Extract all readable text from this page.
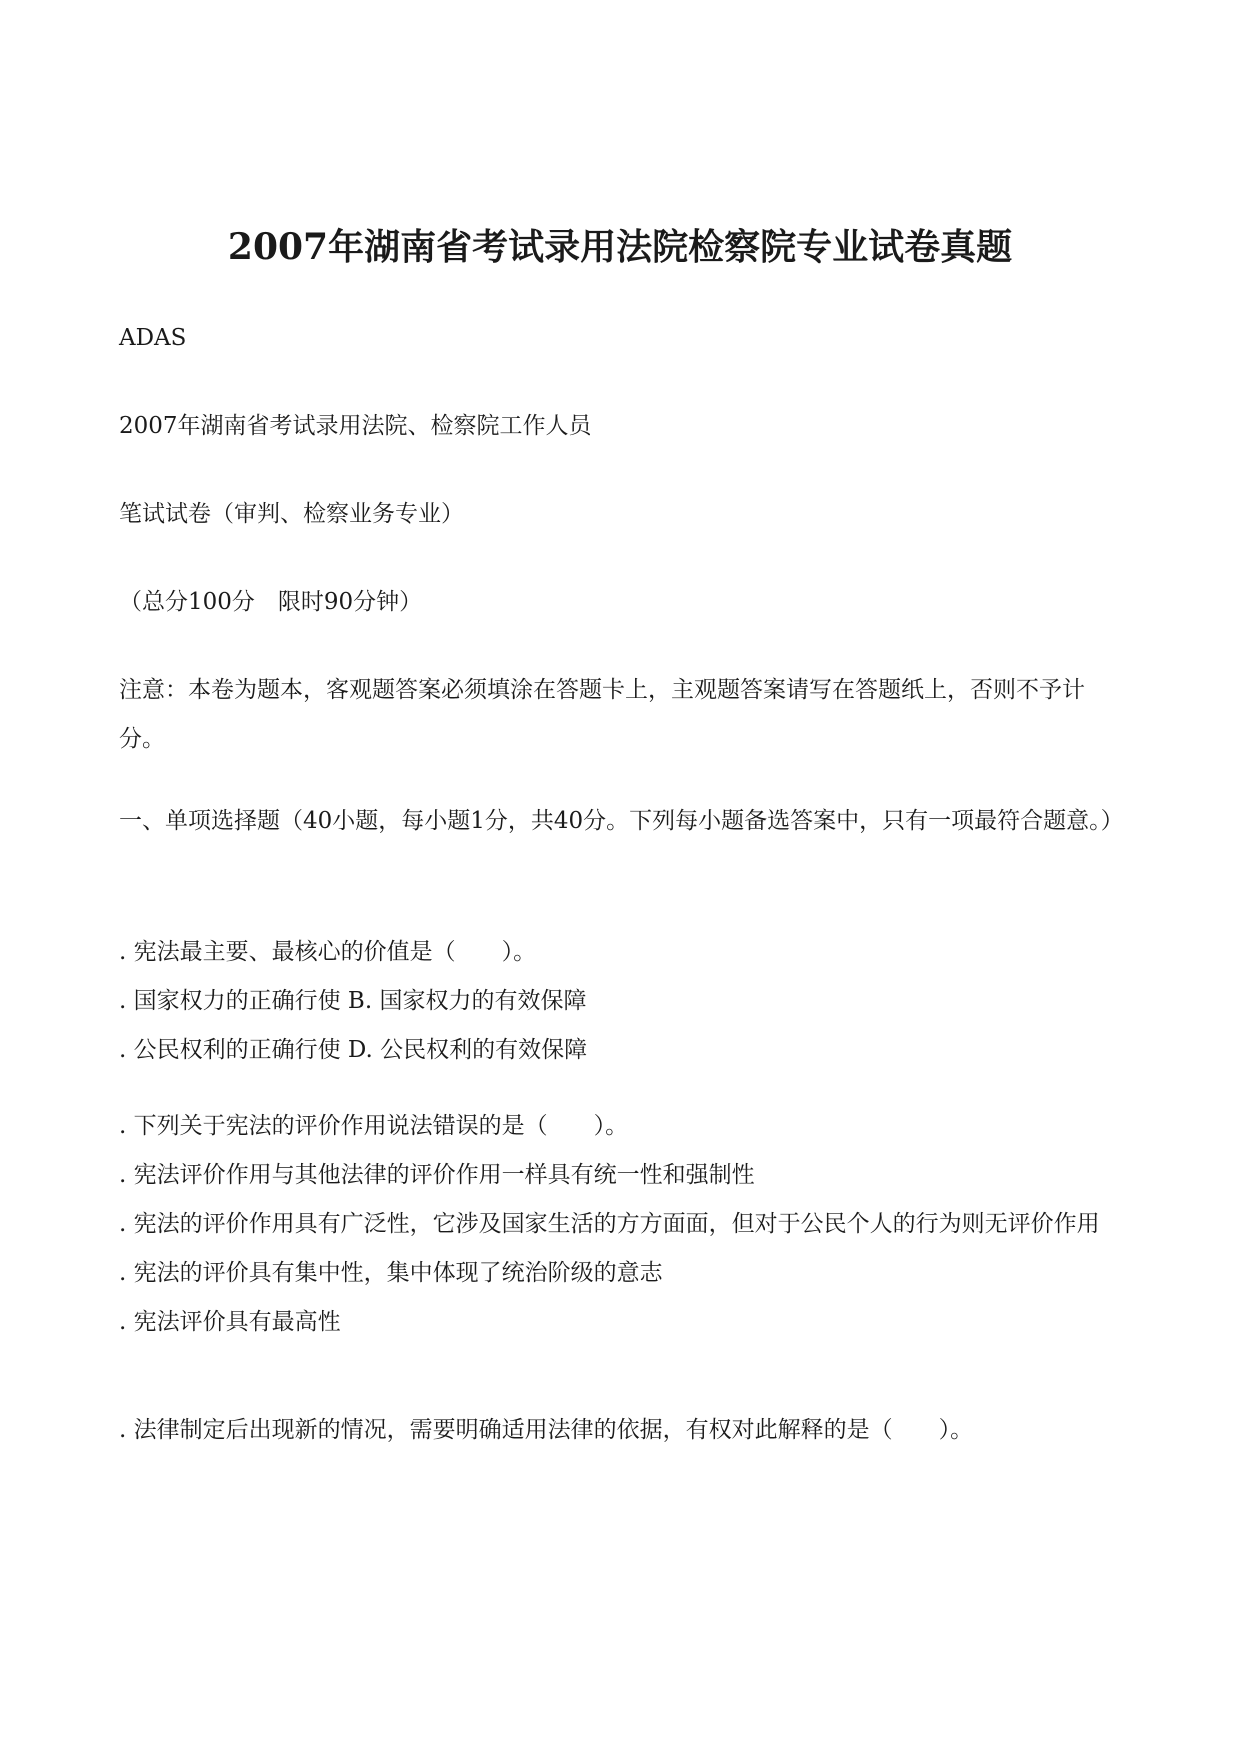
2007年湖南省考试录用法院检察院专业试卷真题
ADAS
2007年湖南省考试录用法院、检察院工作人员
笔试试卷（审判、检察业务专业）
（总分100分　限时90分钟）
注意：本卷为题本，客观题答案必须填涂在答题卡上，主观题答案请写在答题纸上，否则不予计分。
一、单项选择题（40小题，每小题1分，共40分。下列每小题备选答案中，只有一项最符合题意。）
. 宪法最主要、最核心的价值是（　　）。
. 国家权力的正确行使 B. 国家权力的有效保障
. 公民权利的正确行使 D. 公民权利的有效保障
. 下列关于宪法的评价作用说法错误的是（　　）。
. 宪法评价作用与其他法律的评价作用一样具有统一性和强制性
. 宪法的评价作用具有广泛性，它涉及国家生活的方方面面，但对于公民个人的行为则无评价作用
. 宪法的评价具有集中性，集中体现了统治阶级的意志
. 宪法评价具有最高性
. 法律制定后出现新的情况，需要明确适用法律的依据，有权对此解释的是（　　）。
